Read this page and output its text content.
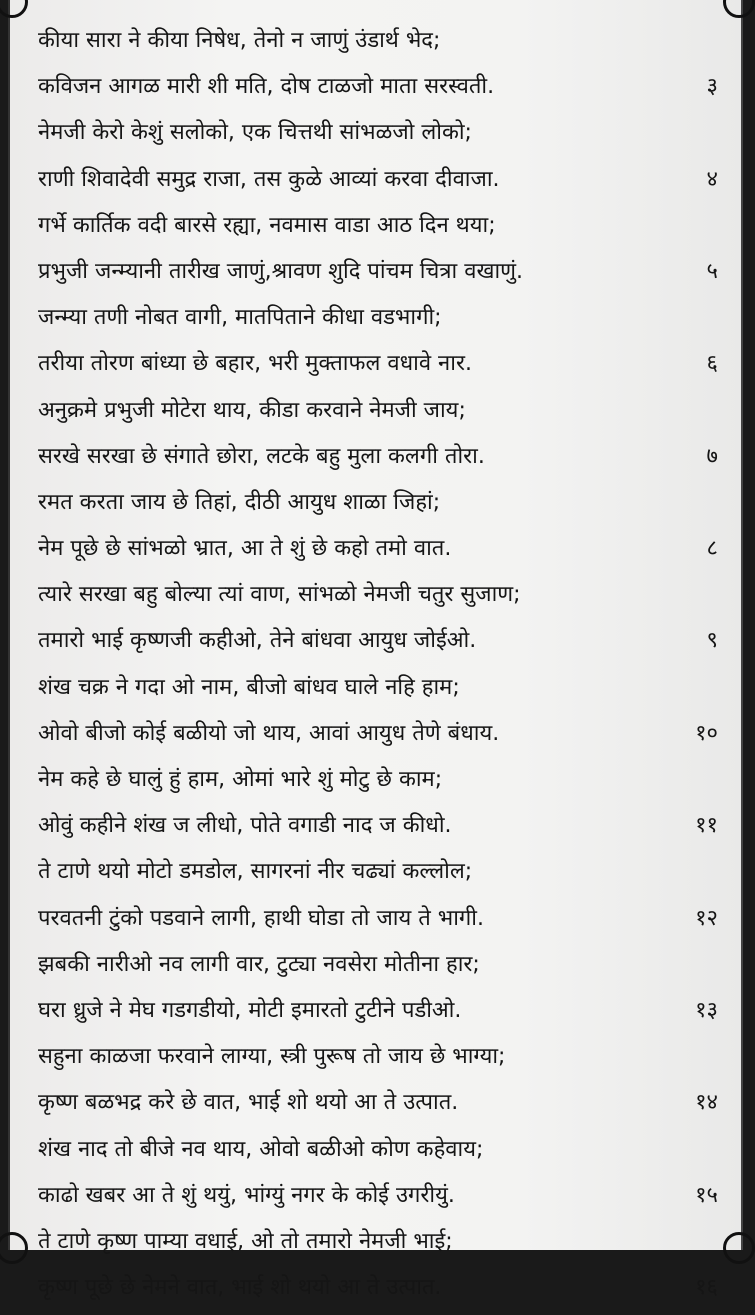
कीया सारा ने कीया निषेध, तेनो न जाणुं उंडार्थ भेद;
कविजन आगळ मारी शी मति, दोष टाळजो माता सरस्वती.	३
नेमजी केरो केशुं सलोको, एक चित्तथी सांभळजो लोको;
राणी शिवादेवी समुद्र राजा, तस कुळे आव्यां करवा दीवाजा.	४
गर्भे कार्तिक वदी बारसे रह्या, नवमास वाडा आठ दिन थया;
प्रभुजी जन्म्यानी तारीख जाणुं,श्रावण शुदि पांचम चित्रा वखाणुं.	५
जन्म्या तणी नोबत वागी, मातपिताने कीधा वडभागी;
तरीया तोरण बांध्या छे बहार, भरी मुक्ताफल वधावे नार.	६
अनुक्रमे प्रभुजी मोटेरा थाय, कीडा करवाने नेमजी जाय;
सरखे सरखा छे संगाते छोरा, लटके बहु मुला कलगी तोरा.	७
रमत करता जाय छे तिहां, दीठी आयुध शाळा जिहां;
नेम पूछे छे सांभळो भ्रात, आ ते शुं छे कहो तमो वात.	८
त्यारे सरखा बहु बोल्या त्यां वाण, सांभळो नेमजी चतुर सुजाण;
तमारो भाई कृष्णजी कहीओ, तेने बांधवा आयुध जोईओ.	९
शंख चक्र ने गदा ओ नाम, बीजो बांधव घाले नहि हाम;
ओवो बीजो कोई बळीयो जो थाय, आवां आयुध तेणे बंधाय.	१०
नेम कहे छे घालुं हुं हाम, ओमां भारे शुं मोटु छे काम;
ओवुं कहीने शंख ज लीधो, पोते वगाडी नाद ज कीधो.	११
ते टाणे थयो मोटो डमडोल, सागरनां नीर चढ्यां कल्लोल;
परवतनी टुंको पडवाने लागी, हाथी घोडा तो जाय ते भागी.	१२
झबकी नारीओ नव लागी वार, टुट्या नवसेरा मोतीना हार;
घरा ध्रुजे ने मेघ गडगडीयो, मोटी इमारतो टुटीने पडीओ.	१३
सहुना काळजा फरवाने लाग्या, स्त्री पुरूष तो जाय छे भाग्या;
कृष्ण बळभद्र करे छे वात, भाई शो थयो आ ते उत्पात.	१४
शंख नाद तो बीजे नव थाय, ओवो बळीओ कोण कहेवाय;
काढो खबर आ ते शुं थयुं, भांग्युं नगर के कोई उगरीयुं.	१५
ते टाणे कृष्ण पाम्या वधाई, ओ तो तमारो नेमजी भाई;
कृष्ण पूछे छे नेमने वात, भाई शो थयो आ ते उत्पात.	१६
